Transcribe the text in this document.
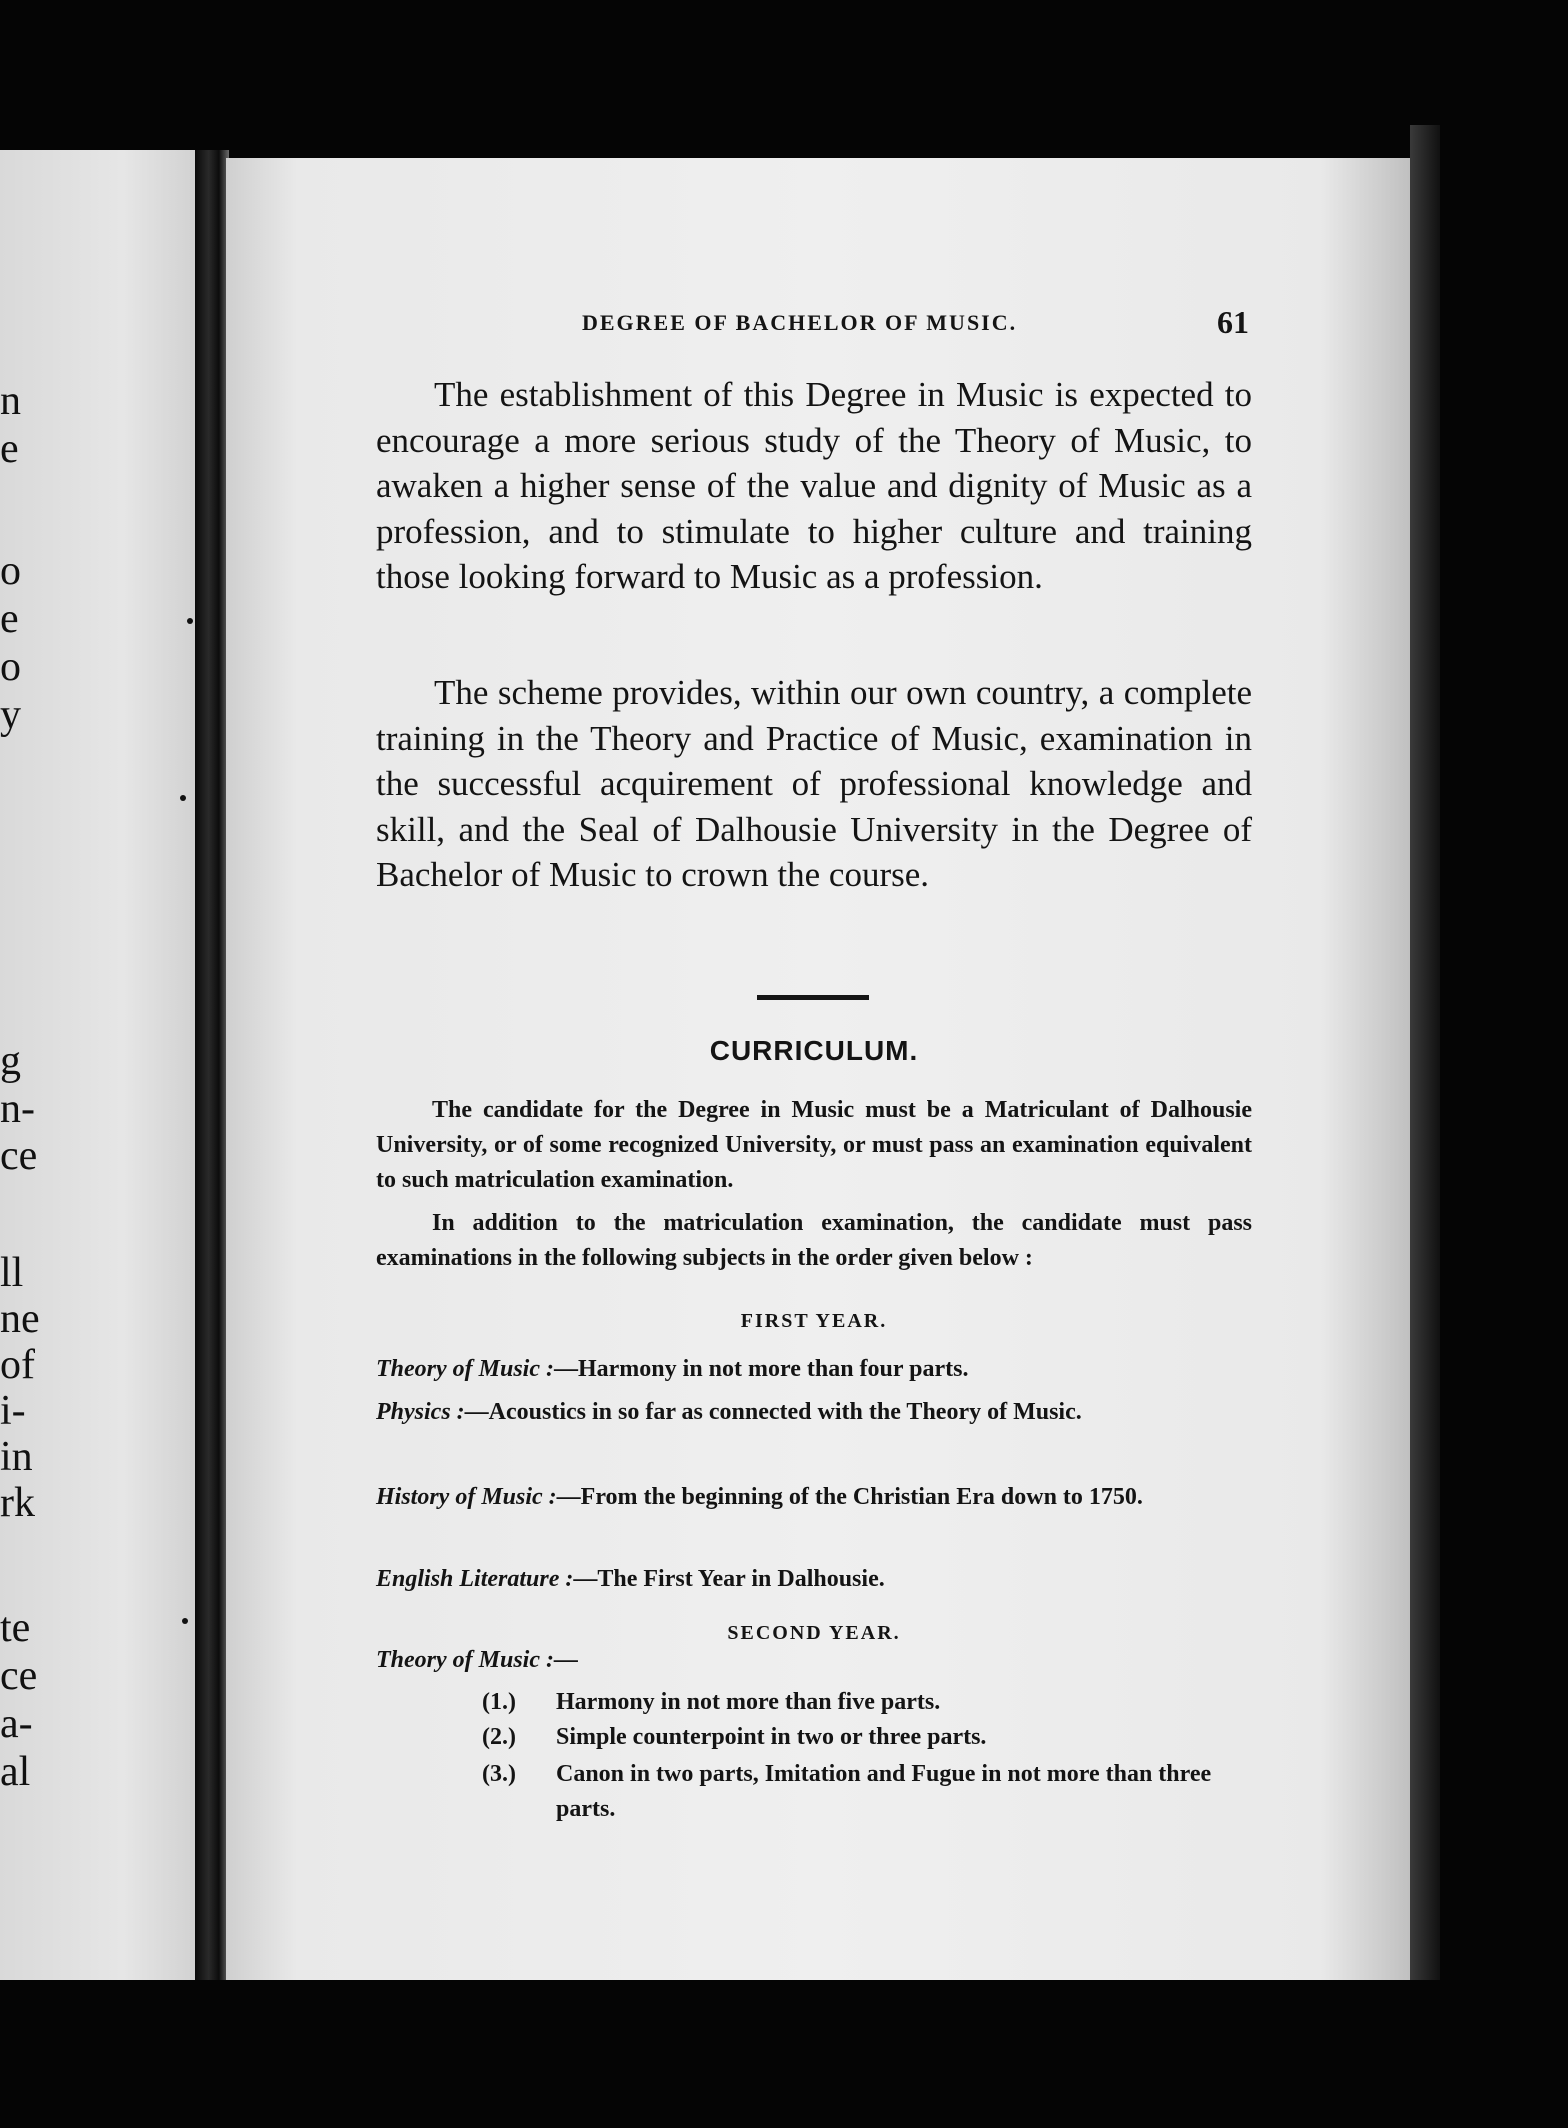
n
e
o
e
o
y
g
n-
ce
ll
ne
of
i-
in
rk
te
ce
a-
al
DEGREE OF BACHELOR OF MUSIC.	61

The establishment of this Degree in Music is expected to encourage a more serious study of the Theory of Music, to awaken a higher sense of the value and dignity of Music as a profession, and to stimulate to higher culture and training those looking forward to Music as a profession.

The scheme provides, within our own country, a complete training in the Theory and Practice of Music, examination in the successful acquirement of professional knowledge and skill, and the Seal of Dalhousie University in the Degree of Bachelor of Music to crown the course.

CURRICULUM.

The candidate for the Degree in Music must be a Matriculant of Dalhousie University, or of some recognized University, or must pass an examination equivalent to such matriculation examination.

In addition to the matriculation examination, the candidate must pass examinations in the following subjects in the order given below :

FIRST YEAR.
Theory of Music :—Harmony in not more than four parts.
Physics :—Acoustics in so far as connected with the Theory of Music.
History of Music :—From the beginning of the Christian Era down to 1750.
English Literature :—The First Year in Dalhousie.
SECOND YEAR.
Theory of Music :—
(1.) Harmony in not more than five parts.
(2.) Simple counterpoint in two or three parts.
(3.) Canon in two parts, Imitation and Fugue in not more than three parts.
